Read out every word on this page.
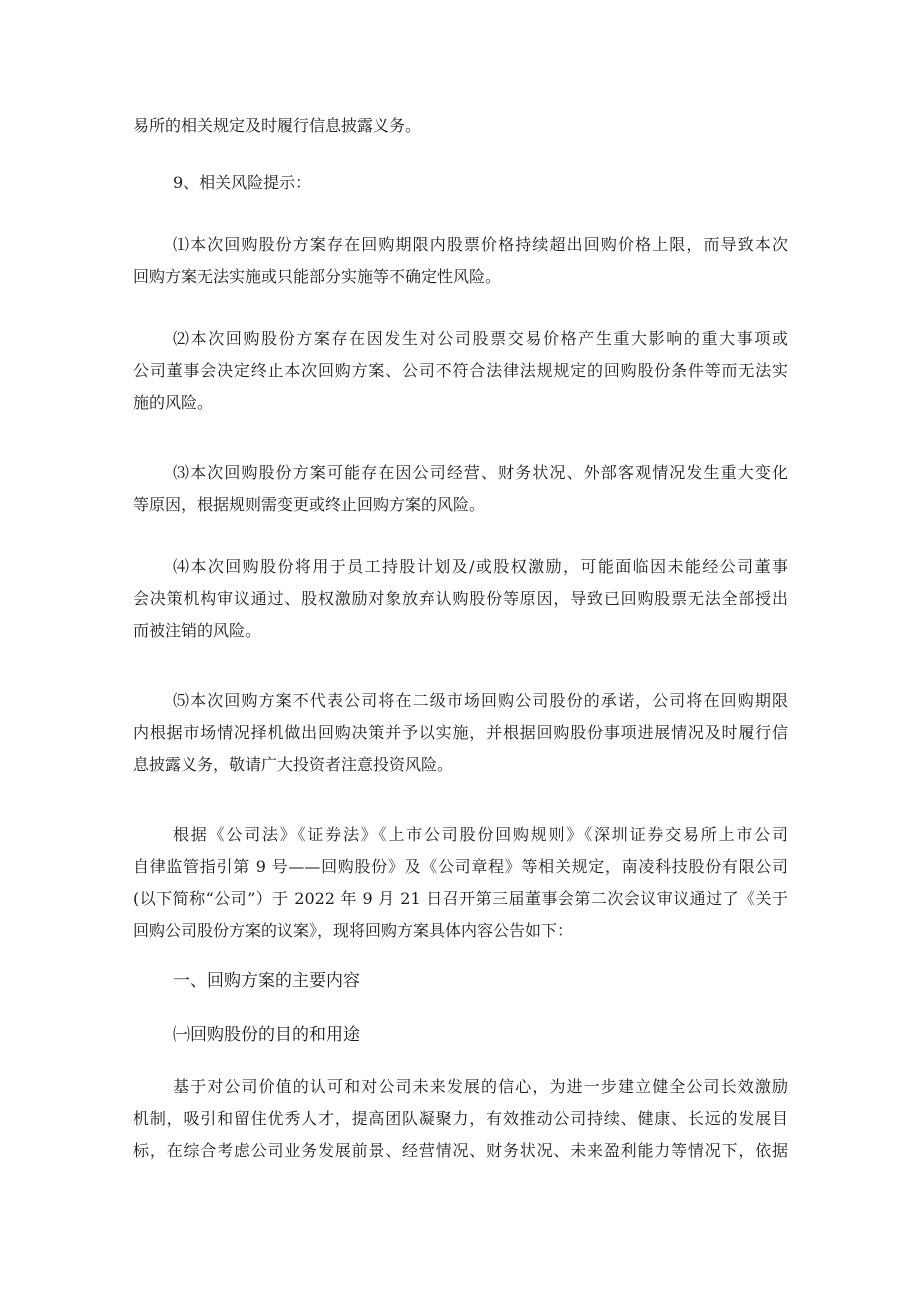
易所的相关规定及时履行信息披露义务。
9、相关风险提示：
⑴本次回购股份方案存在回购期限内股票价格持续超出回购价格上限，而导致本次
回购方案无法实施或只能部分实施等不确定性风险。
⑵本次回购股份方案存在因发生对公司股票交易价格产生重大影响的重大事项或
公司董事会决定终止本次回购方案、公司不符合法律法规规定的回购股份条件等而无法实
施的风险。
⑶本次回购股份方案可能存在因公司经营、财务状况、外部客观情况发生重大变化
等原因，根据规则需变更或终止回购方案的风险。
⑷本次回购股份将用于员工持股计划及/或股权激励，可能面临因未能经公司董事
会决策机构审议通过、股权激励对象放弃认购股份等原因，导致已回购股票无法全部授出
而被注销的风险。
⑸本次回购方案不代表公司将在二级市场回购公司股份的承诺，公司将在回购期限
内根据市场情况择机做出回购决策并予以实施，并根据回购股份事项进展情况及时履行信
息披露义务，敬请广大投资者注意投资风险。
根据《公司法》《证券法》《上市公司股份回购规则》《深圳证券交易所上市公司
自律监管指引第 9 号——回购股份》及《公司章程》等相关规定，南凌科技股份有限公司
(以下简称“公司”）于 2022 年 9 月 21 日召开第三届董事会第二次会议审议通过了《关于
回购公司股份方案的议案》，现将回购方案具体内容公告如下：
一、回购方案的主要内容
㈠回购股份的目的和用途
基于对公司价值的认可和对公司未来发展的信心，为进一步建立健全公司长效激励
机制，吸引和留住优秀人才，提高团队凝聚力，有效推动公司持续、健康、长远的发展目
标，在综合考虑公司业务发展前景、经营情况、财务状况、未来盈利能力等情况下，依据
